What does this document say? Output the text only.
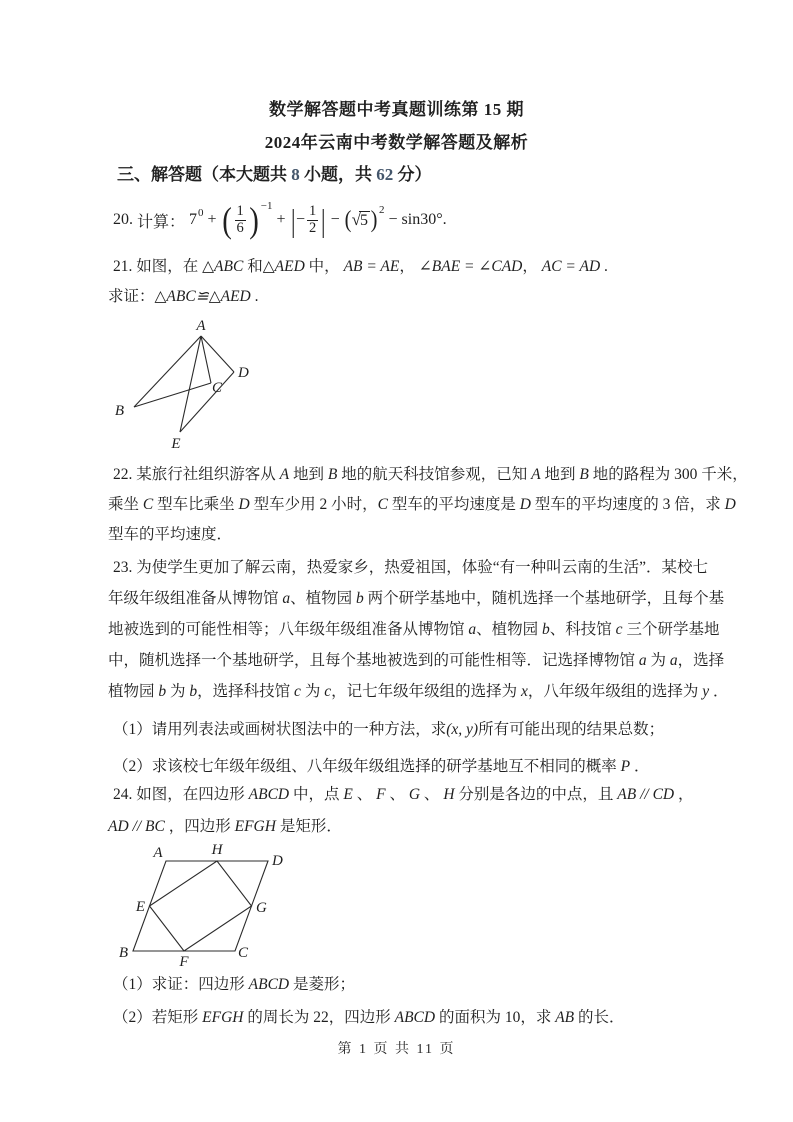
数学解答题中考真题训练第 15 期
2024年云南中考数学解答题及解析
三、解答题（本大题共 8 小题，共 62 分）
20. 计算： $7^0$ + ( $\frac{1}{6} )^{-1}$
+ | − $\frac{1}{2}$ | − ( √ 5 )$^2$
− sin30° .
21. 如图，在 △ABC 和△AED 中， AB = AE， ∠BAE = ∠CAD， AC = AD .
求证：△ABC≌△AED .
A
B
C
D
E
22. 某旅行社组织游客从 A 地到 B 地的航天科技馆参观，已知 A 地到 B 地的路程为 300 千米，
乘坐 C 型车比乘坐 D 型车少用 2 小时，C 型车的平均速度是 D 型车的平均速度的 3 倍，求 D
型车的平均速度．
23. 为使学生更加了解云南，热爱家乡，热爱祖国，体验“有一种叫云南的生活”．某校七
年级年级组准备从博物馆 a、植物园 b 两个研学基地中，随机选择一个基地研学，且每个基
地被选到的可能性相等；八年级年级组准备从博物馆 a、植物园 b、科技馆 c 三个研学基地
中，随机选择一个基地研学，且每个基地被选到的可能性相等．记选择博物馆 a 为 a，选择
植物园 b 为 b，选择科技馆 c 为 c，记七年级年级组的选择为 x，八年级年级组的选择为 y ．
（1）请用列表法或画树状图法中的一种方法，求(x, y)所有可能出现的结果总数；
（2）求该校七年级年级组、八年级年级组选择的研学基地互不相同的概率 P ．
24. 如图，在四边形 ABCD 中，点 E 、 F 、 G 、 H 分别是各边的中点，且 AB // CD ，
AD // BC ，四边形 EFGH 是矩形．
A	H
D
E	G
B
F
C
（1）求证：四边形 ABCD 是菱形；
（2）若矩形 EFGH 的周长为 22，四边形 ABCD 的面积为 10，求 AB 的长．
第 1 页 共 11 页
